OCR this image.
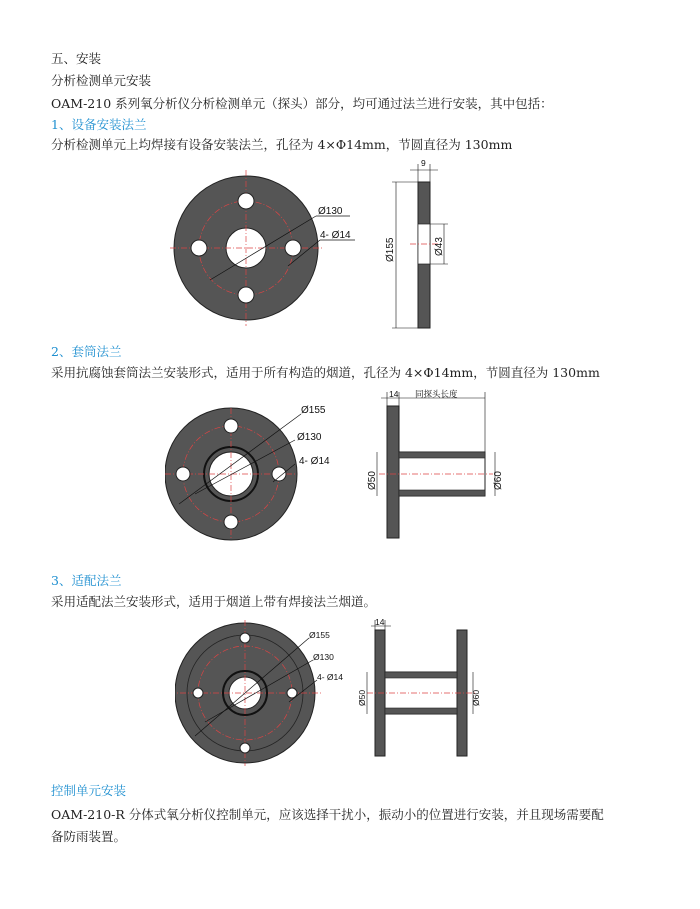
五、安装
分析检测单元安装
OAM-210 系列氧分析仪分析检测单元（探头）部分，均可通过法兰进行安装，其中包括：
1、设备安装法兰
分析检测单元上均焊接有设备安装法兰，孔径为 4×Φ14mm，节圆直径为 130mm
Ø130
4- Ø14
9
Ø155	Ø43
2、套筒法兰
采用抗腐蚀套筒法兰安装形式，适用于所有构造的烟道，孔径为 4×Φ14mm，节圆直径为 130mm
Ø155
Ø130
4- Ø14
14 同探头长度
Ø50	Ø60
3、适配法兰
采用适配法兰安装形式，适用于烟道上带有焊接法兰烟道。
Ø155
Ø130
4- Ø14
14
Ø50	Ø60
控制单元安装
OAM-210-R 分体式氧分析仪控制单元，应该选择干扰小，振动小的位置进行安装，并且现场需要配
备防雨装置。
